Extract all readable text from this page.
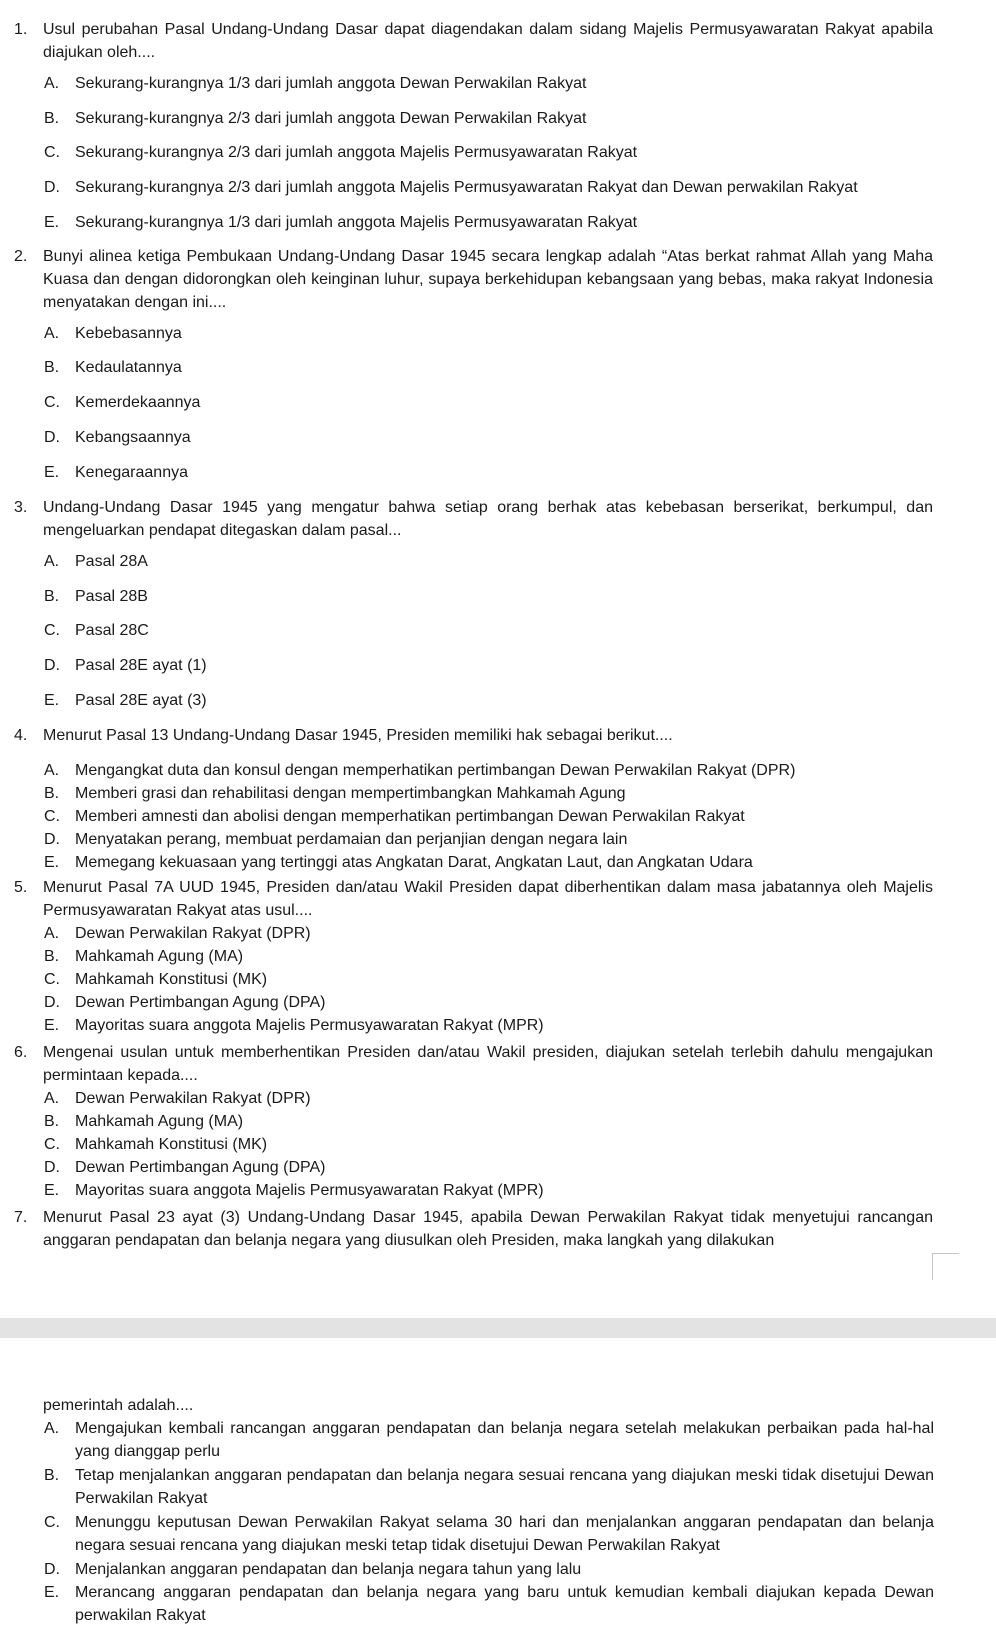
1. Usul perubahan Pasal Undang-Undang Dasar dapat diagendakan dalam sidang Majelis Permusyawaratan Rakyat apabila diajukan oleh....

A. Sekurang-kurangnya 1/3 dari jumlah anggota Dewan Perwakilan Rakyat
B. Sekurang-kurangnya 2/3 dari jumlah anggota Dewan Perwakilan Rakyat
C. Sekurang-kurangnya 2/3 dari jumlah anggota Majelis Permusyawaratan Rakyat
D. Sekurang-kurangnya 2/3 dari jumlah anggota Majelis Permusyawaratan Rakyat dan Dewan perwakilan Rakyat
E. Sekurang-kurangnya 1/3 dari jumlah anggota Majelis Permusyawaratan Rakyat
2. Bunyi alinea ketiga Pembukaan Undang-Undang Dasar 1945 secara lengkap adalah “Atas berkat rahmat Allah yang Maha Kuasa dan dengan didorongkan oleh keinginan luhur, supaya berkehidupan kebangsaan yang bebas, maka rakyat Indonesia menyatakan dengan ini....

A. Kebebasannya
B. Kedaulatannya
C. Kemerdekaannya
D. Kebangsaannya
E. Kenegaraannya
3. Undang-Undang Dasar 1945 yang mengatur bahwa setiap orang berhak atas kebebasan berserikat, berkumpul, dan mengeluarkan pendapat ditegaskan dalam pasal...

A. Pasal 28A
B. Pasal 28B
C. Pasal 28C
D. Pasal 28E ayat (1)
E. Pasal 28E ayat (3)
4. Menurut Pasal 13 Undang-Undang Dasar 1945, Presiden memiliki hak sebagai berikut....

A. Mengangkat duta dan konsul dengan memperhatikan pertimbangan Dewan Perwakilan Rakyat (DPR)
B. Memberi grasi dan rehabilitasi dengan mempertimbangkan Mahkamah Agung
C. Memberi amnesti dan abolisi dengan memperhatikan pertimbangan Dewan Perwakilan Rakyat
D. Menyatakan perang, membuat perdamaian dan perjanjian dengan negara lain
E. Memegang kekuasaan yang tertinggi atas Angkatan Darat, Angkatan Laut, dan Angkatan Udara
5. Menurut Pasal 7A UUD 1945, Presiden dan/atau Wakil Presiden dapat diberhentikan dalam masa jabatannya oleh Majelis Permusyawaratan Rakyat atas usul....

A. Dewan Perwakilan Rakyat (DPR)
B. Mahkamah Agung (MA)
C. Mahkamah Konstitusi (MK)
D. Dewan Pertimbangan Agung (DPA)
E. Mayoritas suara anggota Majelis Permusyawaratan Rakyat (MPR)
6. Mengenai usulan untuk memberhentikan Presiden dan/atau Wakil presiden, diajukan setelah terlebih dahulu mengajukan permintaan kepada....

A. Dewan Perwakilan Rakyat (DPR)
B. Mahkamah Agung (MA)
C. Mahkamah Konstitusi (MK)
D. Dewan Pertimbangan Agung (DPA)
E. Mayoritas suara anggota Majelis Permusyawaratan Rakyat (MPR)
7. Menurut Pasal 23 ayat (3) Undang-Undang Dasar 1945, apabila Dewan Perwakilan Rakyat tidak menyetujui rancangan anggaran pendapatan dan belanja negara yang diusulkan oleh Presiden, maka langkah yang dilakukan

pemerintah adalah....

A. Mengajukan kembali rancangan anggaran pendapatan dan belanja negara setelah melakukan perbaikan pada hal-hal yang dianggap perlu
B. Tetap menjalankan anggaran pendapatan dan belanja negara sesuai rencana yang diajukan meski tidak disetujui Dewan Perwakilan Rakyat
C. Menunggu keputusan Dewan Perwakilan Rakyat selama 30 hari dan menjalankan anggaran pendapatan dan belanja negara sesuai rencana yang diajukan meski tetap tidak disetujui Dewan Perwakilan Rakyat
D. Menjalankan anggaran pendapatan dan belanja negara tahun yang lalu
E. Merancang anggaran pendapatan dan belanja negara yang baru untuk kemudian kembali diajukan kepada Dewan perwakilan Rakyat
